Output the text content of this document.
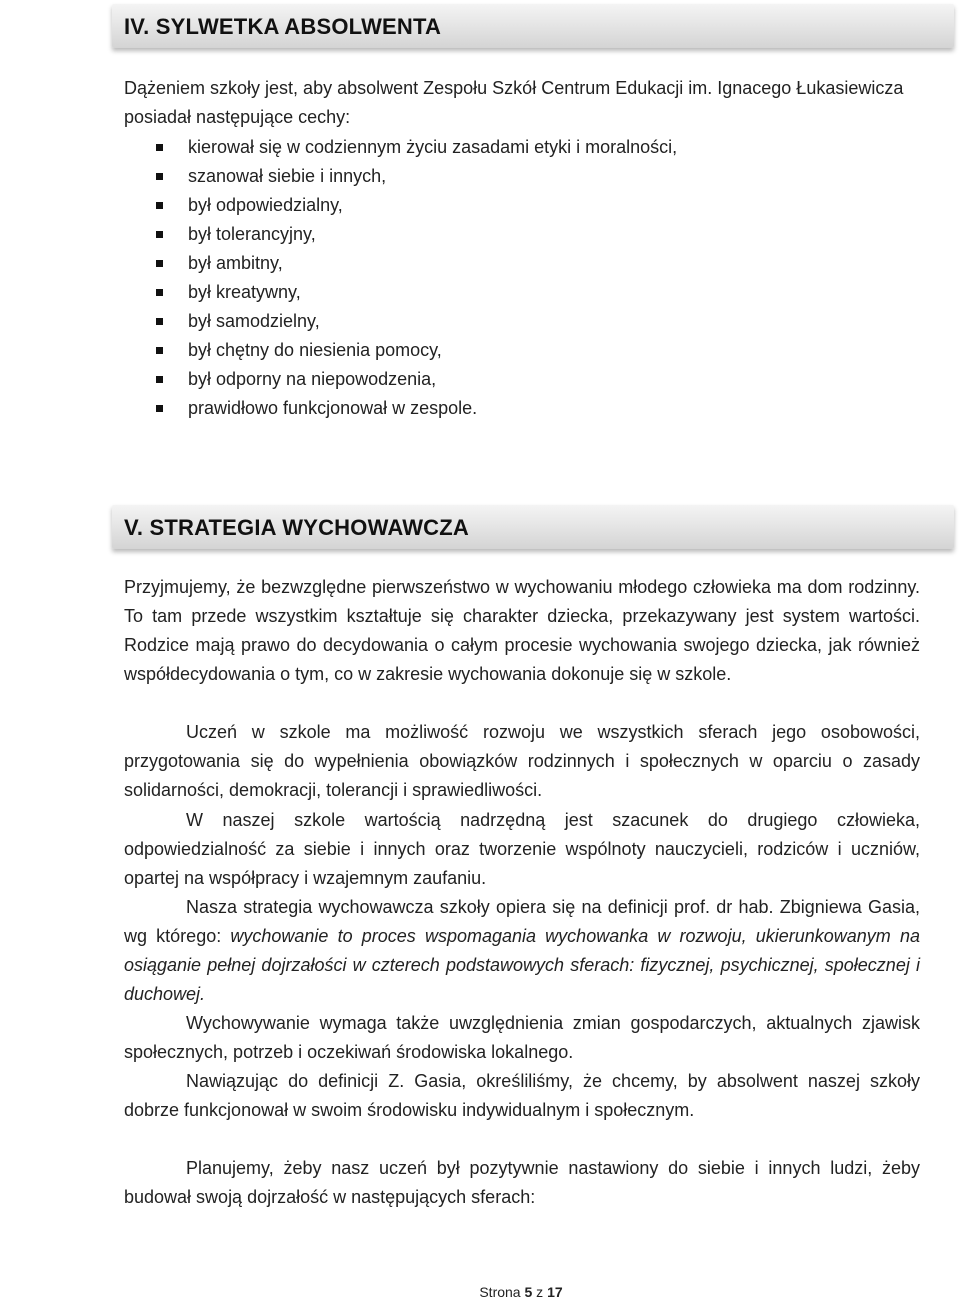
IV. SYLWETKA ABSOLWENTA

Dążeniem szkoły jest, aby absolwent Zespołu Szkół Centrum Edukacji im. Ignacego Łukasiewicza posiadał następujące cechy:

kierował się w codziennym życiu zasadami etyki i moralności,
szanował siebie i innych,
był odpowiedzialny,
był tolerancyjny,
był ambitny,
był kreatywny,
był samodzielny,
był chętny do niesienia pomocy,
był odporny na niepowodzenia,
prawidłowo funkcjonował w zespole.
V. STRATEGIA WYCHOWAWCZA

Przyjmujemy, że bezwzględne pierwszeństwo w wychowaniu młodego człowieka ma dom rodzinny. To tam przede wszystkim kształtuje się charakter dziecka, przekazywany jest system wartości. Rodzice mają prawo do decydowania o całym procesie wychowania swojego dziecka, jak również współdecydowania o tym, co w zakresie wychowania dokonuje się w szkole.

Uczeń w szkole ma możliwość rozwoju we wszystkich sferach jego osobowości, przygotowania się do wypełnienia obowiązków rodzinnych i społecznych w oparciu o zasady solidarności, demokracji, tolerancji i sprawiedliwości.

W naszej szkole wartością nadrzędną jest szacunek do drugiego człowieka, odpowiedzialność za siebie i innych oraz tworzenie wspólnoty nauczycieli, rodziców i uczniów, opartej na współpracy i wzajemnym zaufaniu.

Nasza strategia wychowawcza szkoły opiera się na definicji prof. dr hab. Zbigniewa Gasia, wg którego: wychowanie to proces wspomagania wychowanka w rozwoju, ukierunkowanym na osiąganie pełnej dojrzałości w czterech podstawowych sferach: fizycznej, psychicznej, społecznej i duchowej.

Wychowywanie wymaga także uwzględnienia zmian gospodarczych, aktualnych zjawisk społecznych, potrzeb i oczekiwań środowiska lokalnego.

Nawiązując do definicji Z. Gasia, określiliśmy, że chcemy, by absolwent naszej szkoły dobrze funkcjonował w swoim środowisku indywidualnym i społecznym.

Planujemy, żeby nasz uczeń był pozytywnie nastawiony do siebie i innych ludzi, żeby budował swoją dojrzałość w następujących sferach:

Strona 5 z 17
